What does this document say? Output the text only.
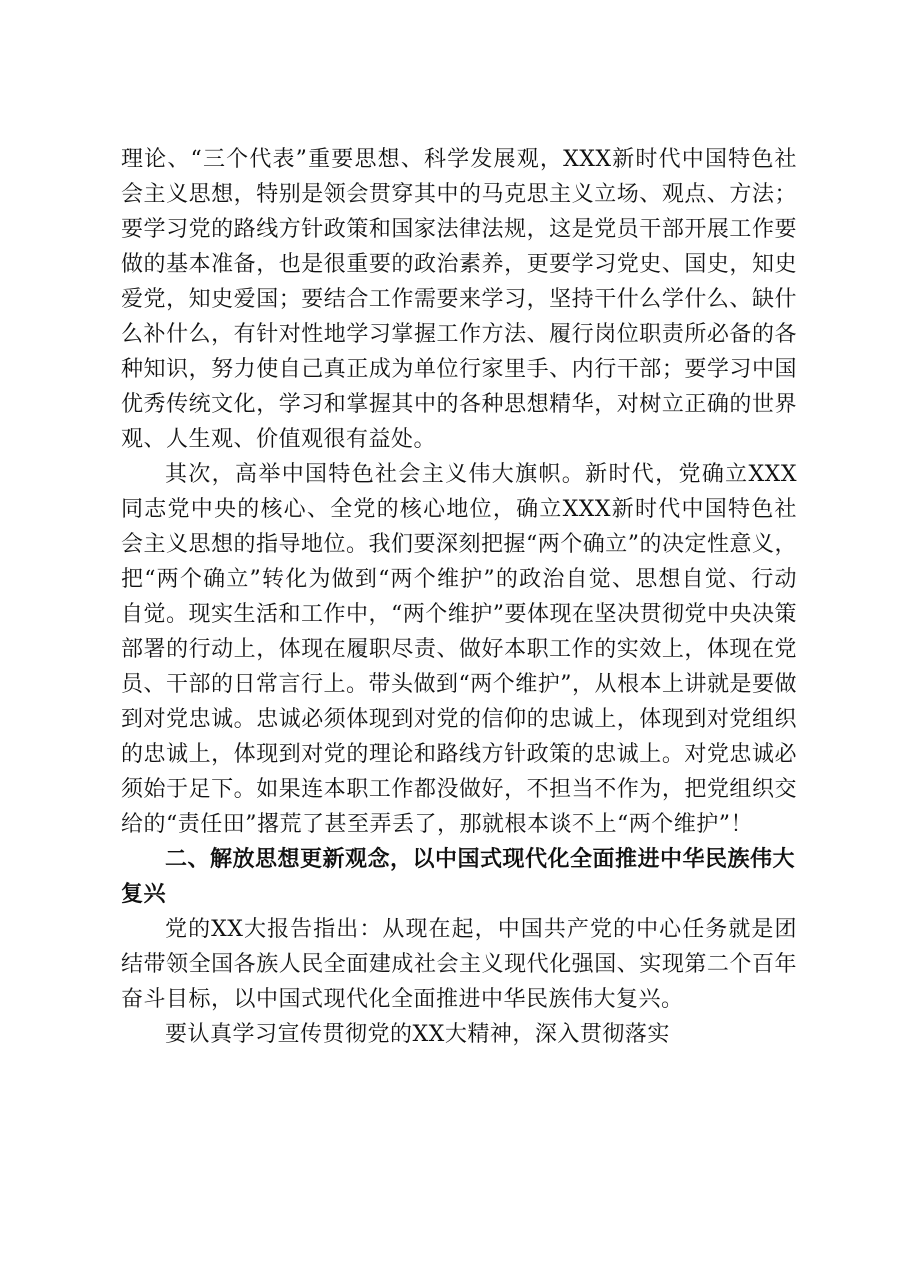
理论、“三个代表”重要思想、科学发展观，XXX新时代中国特色社会主义思想，特别是领会贯穿其中的马克思主义立场、观点、方法；要学习党的路线方针政策和国家法律法规，这是党员干部开展工作要做的基本准备，也是很重要的政治素养，更要学习党史、国史，知史爱党，知史爱国；要结合工作需要来学习，坚持干什么学什么、缺什么补什么，有针对性地学习掌握工作方法、履行岗位职责所必备的各种知识，努力使自己真正成为单位行家里手、内行干部；要学习中国优秀传统文化，学习和掌握其中的各种思想精华，对树立正确的世界观、人生观、价值观很有益处。

其次，高举中国特色社会主义伟大旗帜。新时代，党确立XXX同志党中央的核心、全党的核心地位，确立XXX新时代中国特色社会主义思想的指导地位。我们要深刻把握“两个确立”的决定性意义，把“两个确立”转化为做到“两个维护”的政治自觉、思想自觉、行动自觉。现实生活和工作中，“两个维护”要体现在坚决贯彻党中央决策部署的行动上，体现在履职尽责、做好本职工作的实效上，体现在党员、干部的日常言行上。带头做到“两个维护”，从根本上讲就是要做到对党忠诚。忠诚必须体现到对党的信仰的忠诚上，体现到对党组织的忠诚上，体现到对党的理论和路线方针政策的忠诚上。对党忠诚必须始于足下。如果连本职工作都没做好，不担当不作为，把党组织交给的“责任田”撂荒了甚至弄丢了，那就根本谈不上“两个维护”！

二、解放思想更新观念，以中国式现代化全面推进中华民族伟大复兴

党的XX大报告指出：从现在起，中国共产党的中心任务就是团结带领全国各族人民全面建成社会主义现代化强国、实现第二个百年奋斗目标，以中国式现代化全面推进中华民族伟大复兴。

要认真学习宣传贯彻党的XX大精神，深入贯彻落实
